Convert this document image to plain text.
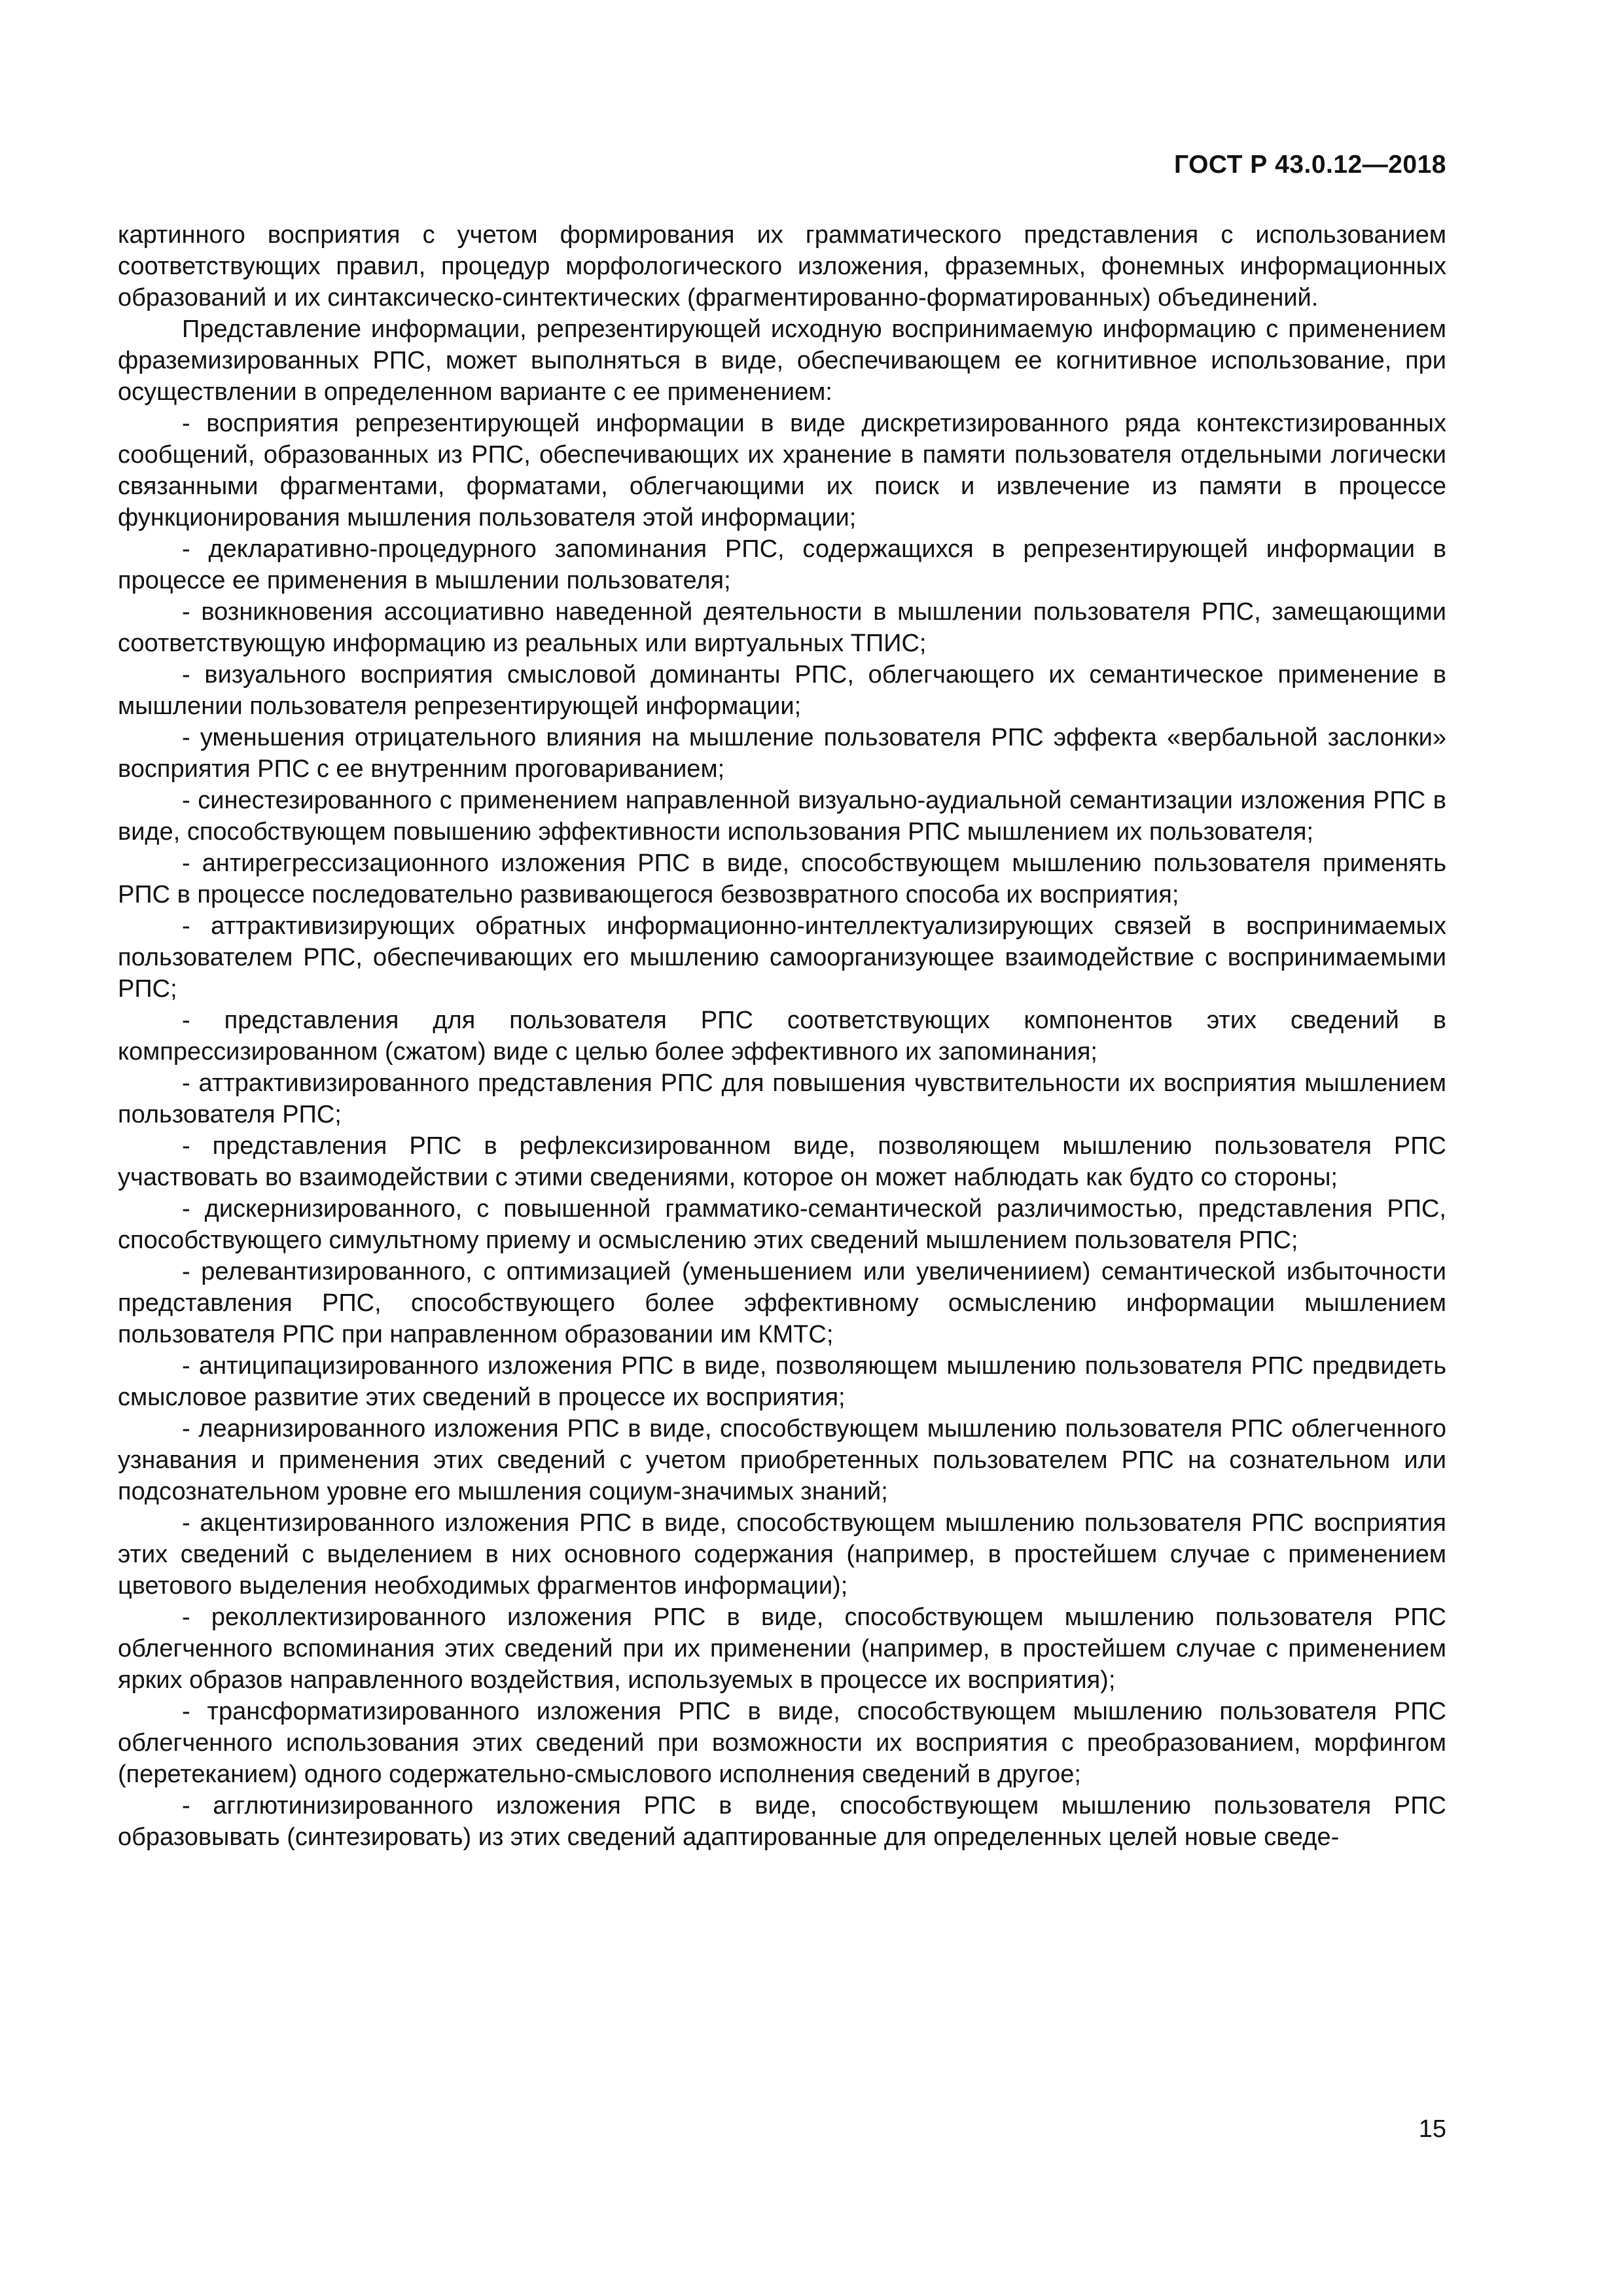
ГОСТ Р 43.0.12—2018

картинного восприятия с учетом формирования их грамматического представления с использованием соответствующих правил, процедур морфологического изложения, фраземных, фонемных информационных образований и их синтаксическо-синтектических (фрагментированно-форматированных) объединений.

Представление информации, репрезентирующей исходную воспринимаемую информацию с применением фраземизированных РПС, может выполняться в виде, обеспечивающем ее когнитивное использование, при осуществлении в определенном варианте с ее применением:

- восприятия репрезентирующей информации в виде дискретизированного ряда контекстизированных сообщений, образованных из РПС, обеспечивающих их хранение в памяти пользователя отдельными логически связанными фрагментами, форматами, облегчающими их поиск и извлечение из памяти в процессе функционирования мышления пользователя этой информации;

- декларативно-процедурного запоминания РПС, содержащихся в репрезентирующей информации в процессе ее применения в мышлении пользователя;

- возникновения ассоциативно наведенной деятельности в мышлении пользователя РПС, замещающими соответствующую информацию из реальных или виртуальных ТПИС;

- визуального восприятия смысловой доминанты РПС, облегчающего их семантическое применение в мышлении пользователя репрезентирующей информации;

- уменьшения отрицательного влияния на мышление пользователя РПС эффекта «вербальной заслонки» восприятия РПС с ее внутренним проговариванием;

- синестезированного с применением направленной визуально-аудиальной семантизации изложения РПС в виде, способствующем повышению эффективности использования РПС мышлением их пользователя;

- антирегрессизационного изложения РПС в виде, способствующем мышлению пользователя применять РПС в процессе последовательно развивающегося безвозвратного способа их восприятия;

- аттрактивизирующих обратных информационно-интеллектуализирующих связей в воспринимаемых пользователем РПС, обеспечивающих его мышлению самоорганизующее взаимодействие с воспринимаемыми РПС;

- представления для пользователя РПС соответствующих компонентов этих сведений в компрессизированном (сжатом) виде с целью более эффективного их запоминания;

- аттрактивизированного представления РПС для повышения чувствительности их восприятия мышлением пользователя РПС;

- представления РПС в рефлексизированном виде, позволяющем мышлению пользователя РПС участвовать во взаимодействии с этими сведениями, которое он может наблюдать как будто со стороны;

- дискернизированного, с повышенной грамматико-семантической различимостью, представления РПС, способствующего симультному приему и осмыслению этих сведений мышлением пользователя РПС;

- релевантизированного, с оптимизацией (уменьшением или увеличениием) семантической избыточности представления РПС, способствующего более эффективному осмыслению информации мышлением пользователя РПС при направленном образовании им КМТС;

- антиципацизированного изложения РПС в виде, позволяющем мышлению пользователя РПС предвидеть смысловое развитие этих сведений в процессе их восприятия;

- леарнизированного изложения РПС в виде, способствующем мышлению пользователя РПС облегченного узнавания и применения этих сведений с учетом приобретенных пользователем РПС на сознательном или подсознательном уровне его мышления социум-значимых знаний;

- акцентизированного изложения РПС в виде, способствующем мышлению пользователя РПС восприятия этих сведений с выделением в них основного содержания (например, в простейшем случае с применением цветового выделения необходимых фрагментов информации);

- реколлектизированного изложения РПС в виде, способствующем мышлению пользователя РПС облегченного вспоминания этих сведений при их применении (например, в простейшем случае с применением ярких образов направленного воздействия, используемых в процессе их восприятия);

- трансформатизированного изложения РПС в виде, способствующем мышлению пользователя РПС облегченного использования этих сведений при возможности их восприятия с преобразованием, морфингом (перетеканием) одного содержательно-смыслового исполнения сведений в другое;

- агглютинизированного изложения РПС в виде, способствующем мышлению пользователя РПС образовывать (синтезировать) из этих сведений адаптированные для определенных целей новые сведе-

15
